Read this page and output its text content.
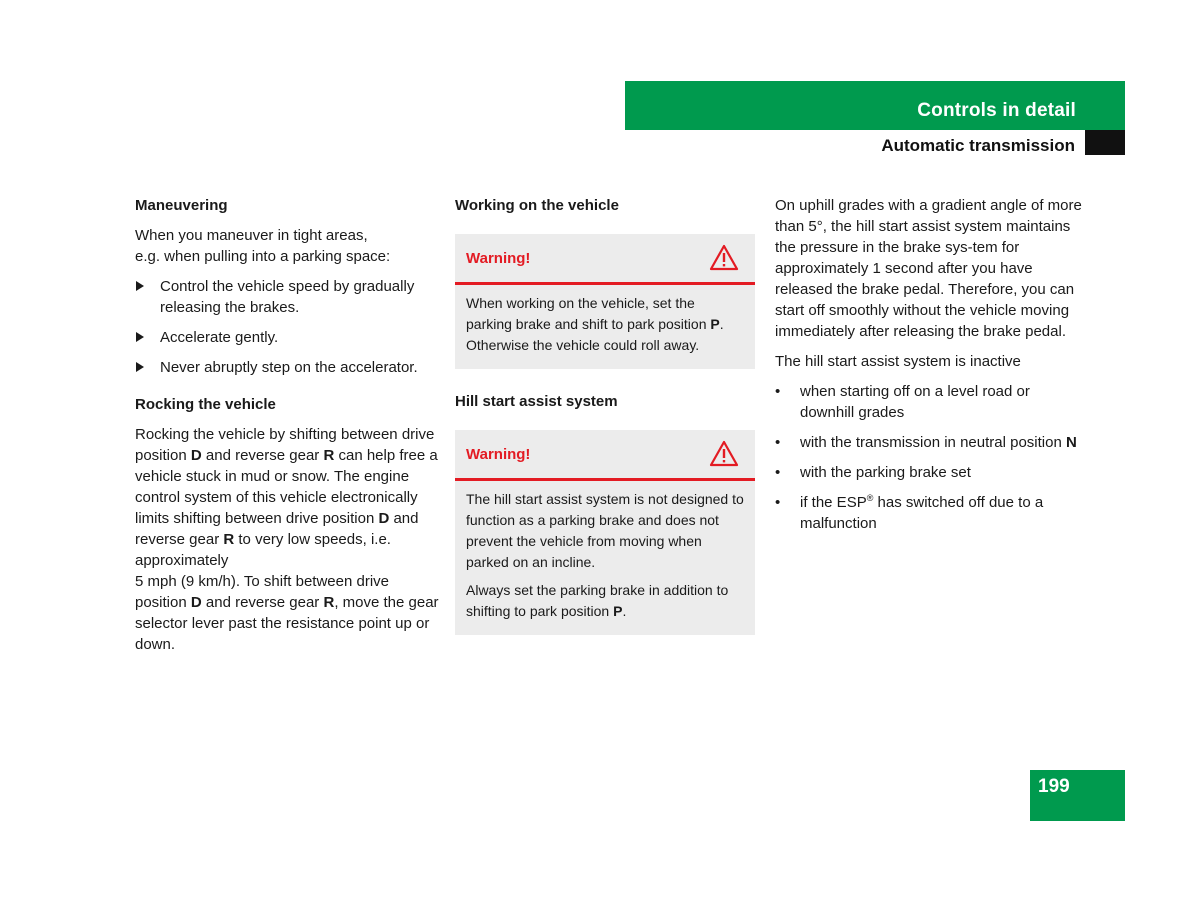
Controls in detail
Automatic transmission

Maneuvering

When you maneuver in tight areas,
e.g. when pulling into a parking space:

Control the vehicle speed by gradually releasing the brakes.
Accelerate gently.
Never abruptly step on the accelerator.

Rocking the vehicle

Rocking the vehicle by shifting between drive position D and reverse gear R can help free a vehicle stuck in mud or snow. The engine control system of this vehicle electronically limits shifting between drive position D and reverse gear R to very low speeds, i.e. approximately
5 mph (9 km/h). To shift between drive position D and reverse gear R, move the gear selector lever past the resistance point up or down.

Working on the vehicle

Warning!

When working on the vehicle, set the parking brake and shift to park position P. Otherwise the vehicle could roll away.

Hill start assist system

Warning!

The hill start assist system is not designed to function as a parking brake and does not prevent the vehicle from moving when parked on an incline.

Always set the parking brake in addition to shifting to park position P.

On uphill grades with a gradient angle of more than 5°, the hill start assist system maintains the pressure in the brake sys-tem for approximately 1 second after you have released the brake pedal. Therefore, you can start off smoothly without the vehicle moving immediately after releasing the brake pedal.

The hill start assist system is inactive

• when starting off on a level road or downhill grades
• with the transmission in neutral position N
• with the parking brake set
• if the ESP® has switched off due to a malfunction
199
